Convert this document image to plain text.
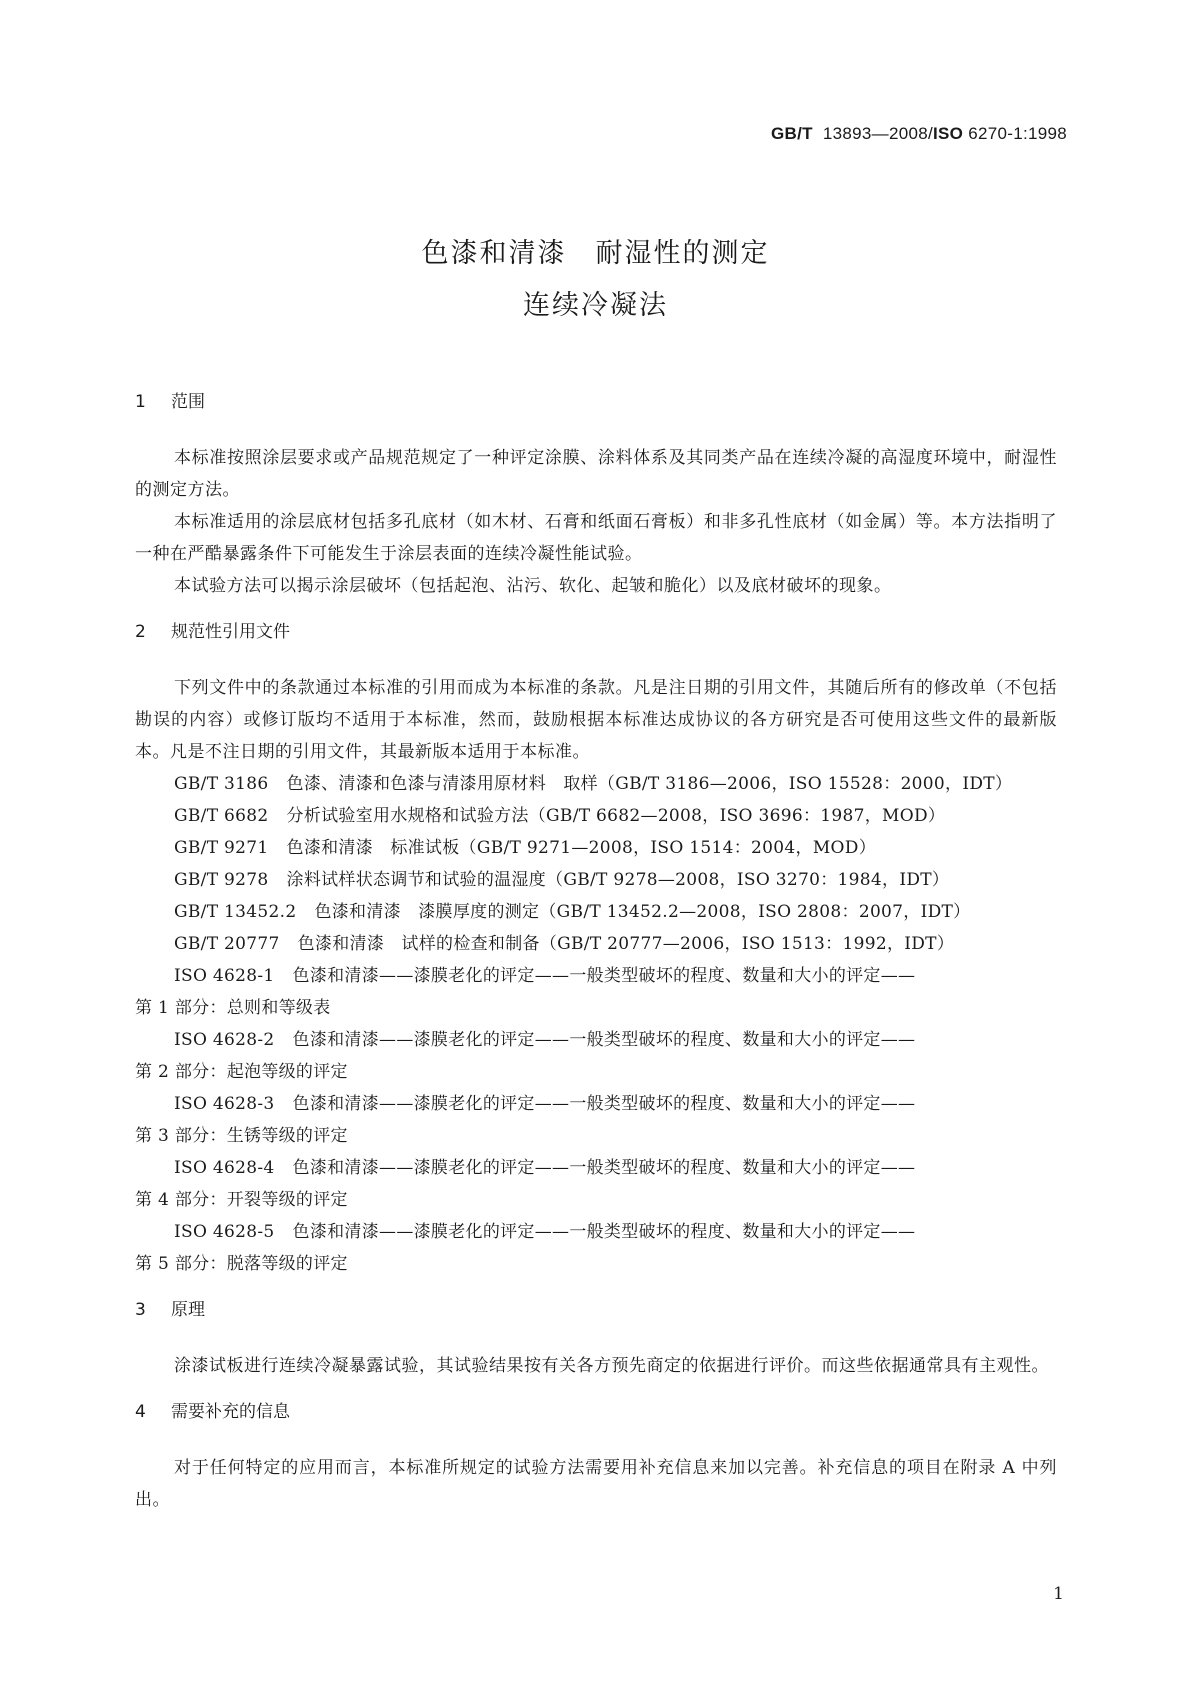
GB/T 13893—2008/ISO 6270-1:1998
色漆和清漆　耐湿性的测定
连续冷凝法
1 范围

本标准按照涂层要求或产品规范规定了一种评定涂膜、涂料体系及其同类产品在连续冷凝的高湿度环境中，耐湿性的测定方法。

本标准适用的涂层底材包括多孔底材（如木材、石膏和纸面石膏板）和非多孔性底材（如金属）等。本方法指明了一种在严酷暴露条件下可能发生于涂层表面的连续冷凝性能试验。

本试验方法可以揭示涂层破坏（包括起泡、沾污、软化、起皱和脆化）以及底材破坏的现象。

2 规范性引用文件

下列文件中的条款通过本标准的引用而成为本标准的条款。凡是注日期的引用文件，其随后所有的修改单（不包括勘误的内容）或修订版均不适用于本标准，然而，鼓励根据本标准达成协议的各方研究是否可使用这些文件的最新版本。凡是不注日期的引用文件，其最新版本适用于本标准。

GB/T 3186 色漆、清漆和色漆与清漆用原材料　取样（GB/T 3186—2006，ISO 15528：2000，IDT）
GB/T 6682 分析试验室用水规格和试验方法（GB/T 6682—2008，ISO 3696：1987，MOD）
GB/T 9271 色漆和清漆　标准试板（GB/T 9271—2008，ISO 1514：2004，MOD）
GB/T 9278 涂料试样状态调节和试验的温湿度（GB/T 9278—2008，ISO 3270：1984，IDT）
GB/T 13452.2 色漆和清漆　漆膜厚度的测定（GB/T 13452.2—2008，ISO 2808：2007，IDT）
GB/T 20777 色漆和清漆　试样的检查和制备（GB/T 20777—2006，ISO 1513：1992，IDT）
ISO 4628-1 色漆和清漆——漆膜老化的评定——一般类型破坏的程度、数量和大小的评定——
第 1 部分：总则和等级表
ISO 4628-2 色漆和清漆——漆膜老化的评定——一般类型破坏的程度、数量和大小的评定——
第 2 部分：起泡等级的评定
ISO 4628-3 色漆和清漆——漆膜老化的评定——一般类型破坏的程度、数量和大小的评定——
第 3 部分：生锈等级的评定
ISO 4628-4 色漆和清漆——漆膜老化的评定——一般类型破坏的程度、数量和大小的评定——
第 4 部分：开裂等级的评定
ISO 4628-5 色漆和清漆——漆膜老化的评定——一般类型破坏的程度、数量和大小的评定——
第 5 部分：脱落等级的评定
3 原理

涂漆试板进行连续冷凝暴露试验，其试验结果按有关各方预先商定的依据进行评价。而这些依据通常具有主观性。

4 需要补充的信息

对于任何特定的应用而言，本标准所规定的试验方法需要用补充信息来加以完善。补充信息的项目在附录 A 中列出。

1
